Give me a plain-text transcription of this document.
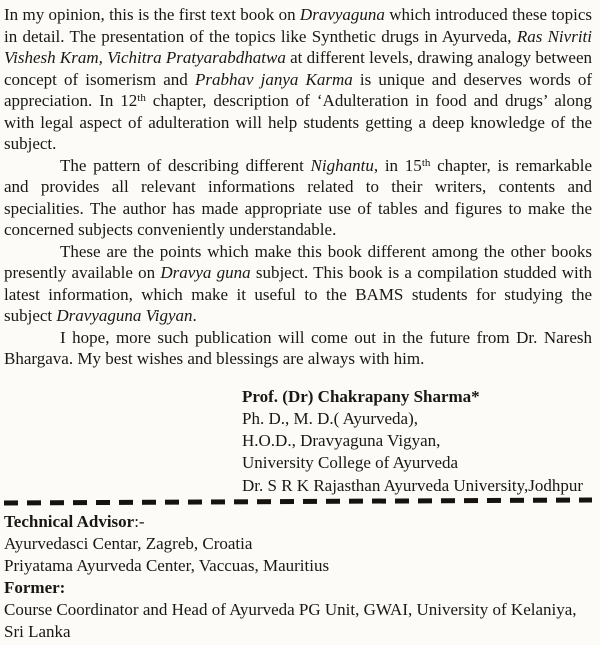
In my opinion, this is the first text book on Dravyaguna which introduced these topics in detail. The presentation of the topics like Synthetic drugs in Ayurveda, Ras Nivriti Vishesh Kram, Vichitra Pratyarabdhatwa at different levels, drawing analogy between concept of isomerism and Prabhav janya Karma is unique and deserves words of appreciation. In 12th chapter, description of ‘Adulteration in food and drugs’ along with legal aspect of adulteration will help students getting a deep knowledge of the subject.

The pattern of describing different Nighantu, in 15th chapter, is remarkable and provides all relevant informations related to their writers, contents and specialities. The author has made appropriate use of tables and figures to make the concerned subjects conveniently understandable.

These are the points which make this book different among the other books presently available on Dravya guna subject. This book is a compilation studded with latest information, which make it useful to the BAMS students for studying the subject Dravyaguna Vigyan.

I hope, more such publication will come out in the future from Dr. Naresh Bhargava. My best wishes and blessings are always with him.

Prof. (Dr) Chakrapany Sharma*

Ph. D., M. D.( Ayurveda),

H.O.D., Dravyaguna Vigyan,

University College of Ayurveda

Dr. S R K Rajasthan Ayurveda University,Jodhpur

Technical Advisor:-

Ayurvedasci Centar, Zagreb, Croatia

Priyatama Ayurveda Center, Vaccuas, Mauritius

Former:

Course Coordinator and Head of Ayurveda PG Unit, GWAI, University of Kelaniya, Sri Lanka
